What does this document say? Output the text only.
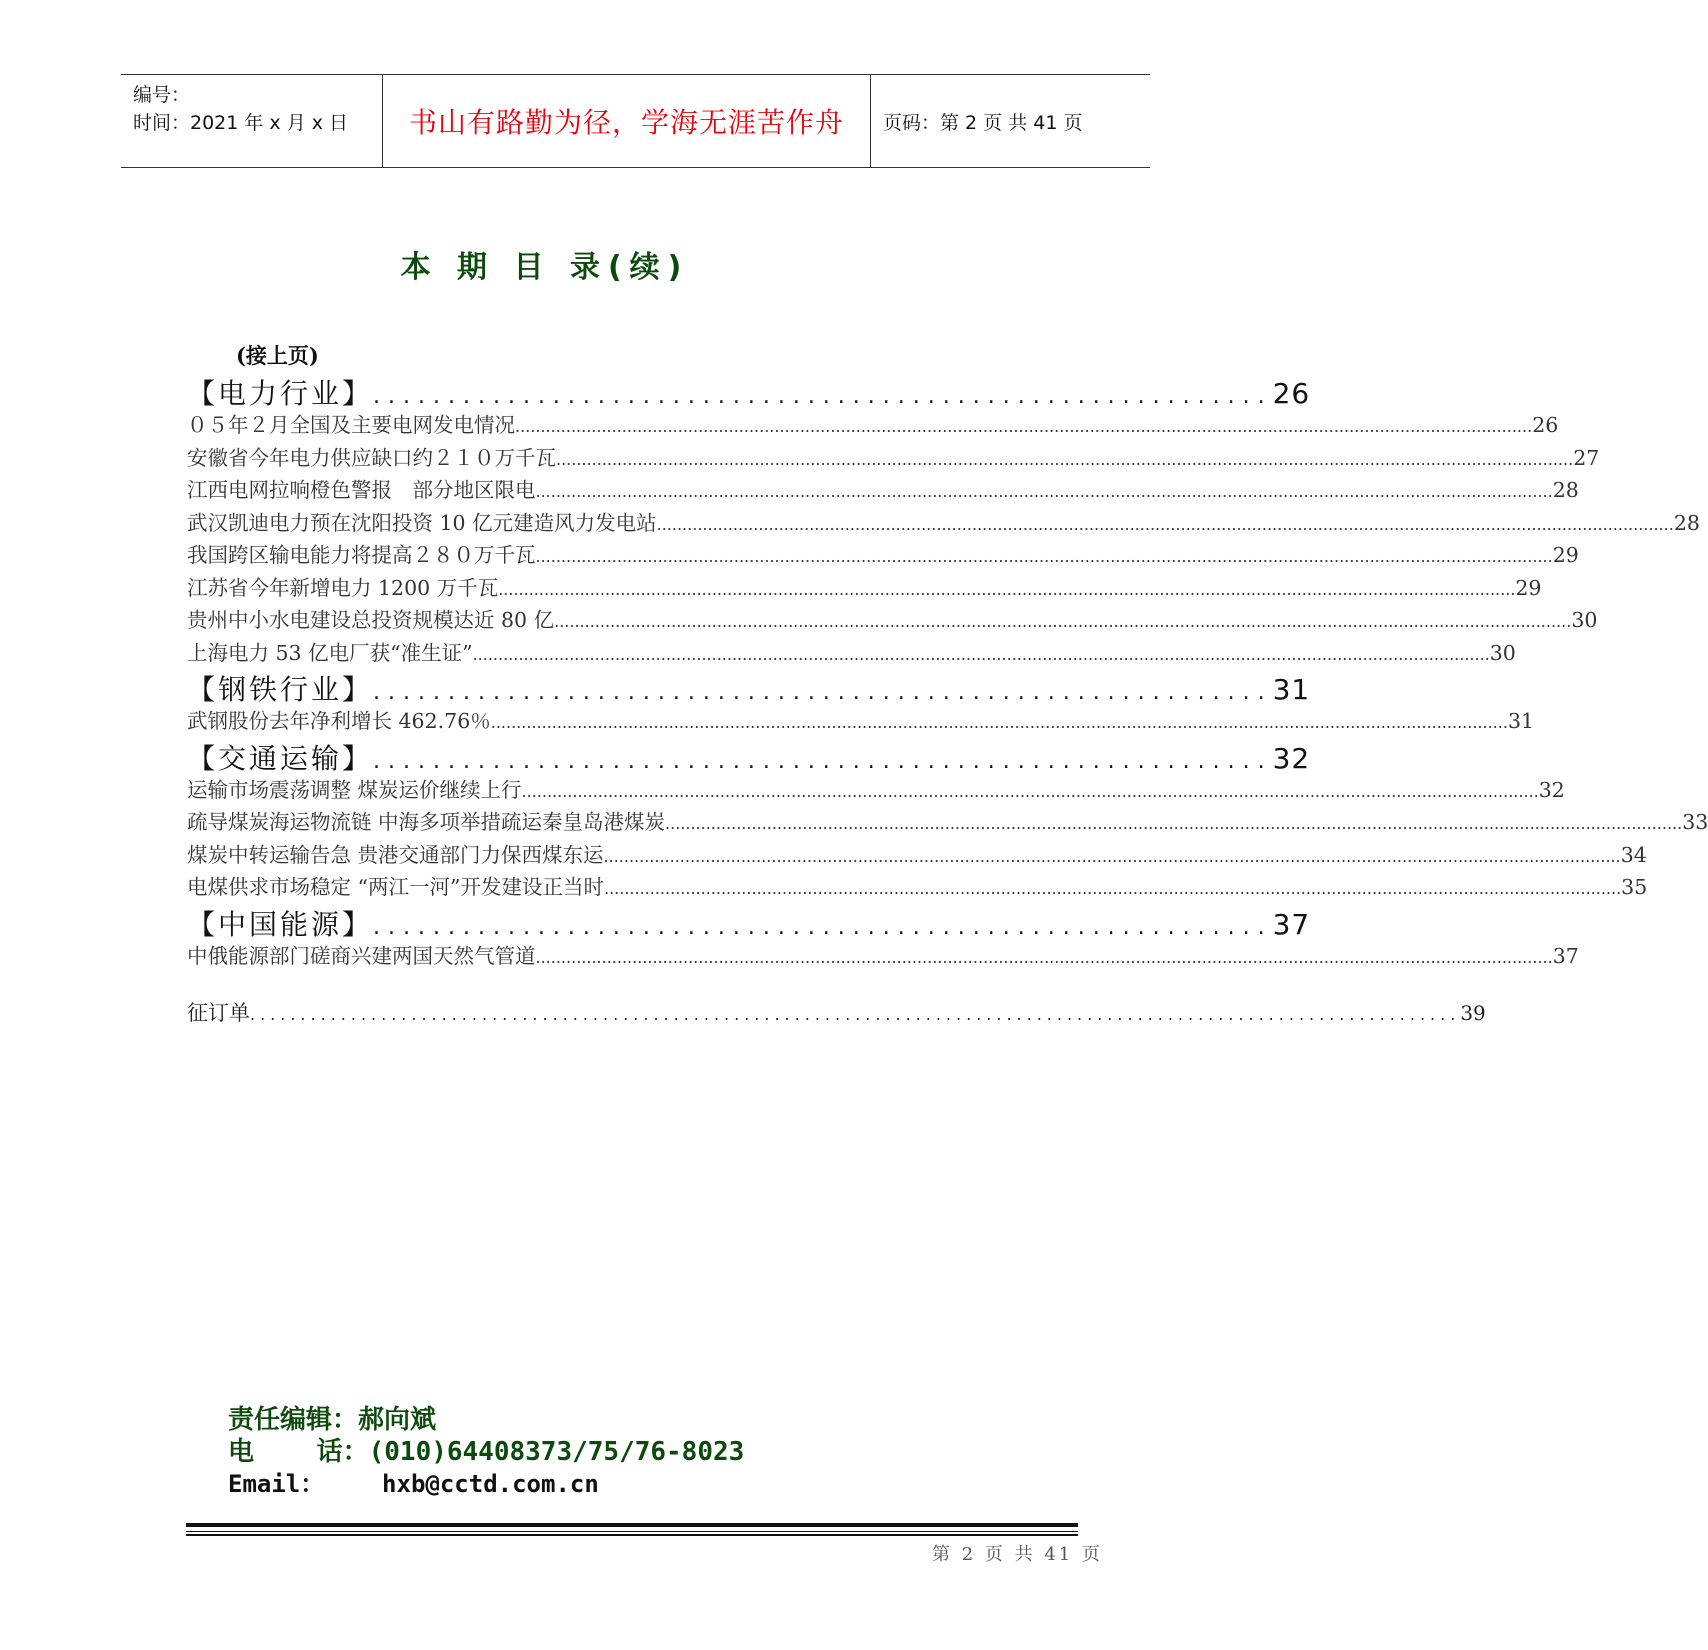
编号：
时间：2021 年 x 月 x 日	书山有路勤为径，学海无涯苦作舟	页码：第 2 页 共 41 页
本 期 目 录(续)
(接上页)
【电力行业】 ............................................................ 26
０５年２月全国及主要电网发电情况 ........................................................................................................................................................................................................ 26
安徽省今年电力供应缺口约２１０万千瓦 ........................................................................................................................................................................................................ 27
江西电网拉响橙色警报　部分地区限电 ........................................................................................................................................................................................................ 28
武汉凯迪电力预在沈阳投资 10 亿元建造风力发电站 ........................................................................................................................................................................................................ 28
我国跨区输电能力将提高２８０万千瓦 ........................................................................................................................................................................................................ 29
江苏省今年新增电力 1200 万千瓦 ........................................................................................................................................................................................................ 29
贵州中小水电建设总投资规模达近 80 亿 ........................................................................................................................................................................................................ 30
上海电力 53 亿电厂获“准生证” ........................................................................................................................................................................................................ 30
【钢铁行业】 ............................................................ 31
武钢股份去年净利增长 462.76％ ........................................................................................................................................................................................................ 31
【交通运输】 ............................................................ 32
运输市场震荡调整 煤炭运价继续上行 ........................................................................................................................................................................................................ 32
疏导煤炭海运物流链 中海多项举措疏运秦皇岛港煤炭 ........................................................................................................................................................................................................ 33
煤炭中转运输告急 贵港交通部门力保西煤东运 ........................................................................................................................................................................................................ 34
电煤供求市场稳定 “两江一河”开发建设正当时 ........................................................................................................................................................................................................ 35
【中国能源】 ............................................................ 37
中俄能源部门磋商兴建两国天然气管道 ........................................................................................................................................................................................................ 37
征订单 ........................................................................................................................ 39
责任编辑：郝向斌
电    话：(010)64408373/75/76-8023
Email： hxb@cctd.com.cn
第 2 页 共 41 页
